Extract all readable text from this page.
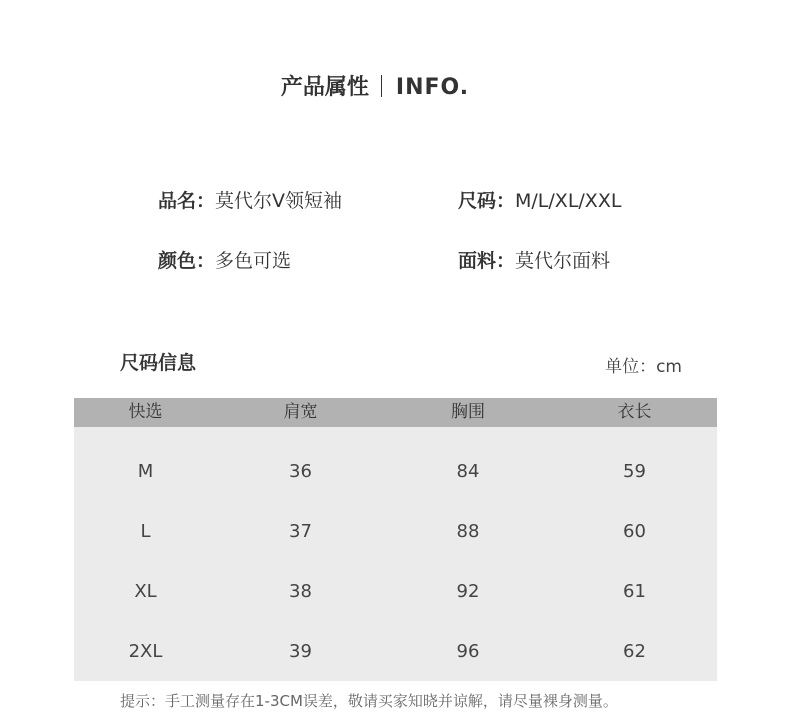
产品属性 INFO.
品名：莫代尔V领短袖	尺码：M/L/XL/XXL
颜色：多色可选	面料：莫代尔面料
尺码信息	单位：cm
快选	肩宽	胸围	衣长
M	36	84	59
L	37	88	60
XL	38	92	61
2XL	39	96	62
提示：手工测量存在1-3CM误差，敬请买家知晓并谅解，请尽量裸身测量。
